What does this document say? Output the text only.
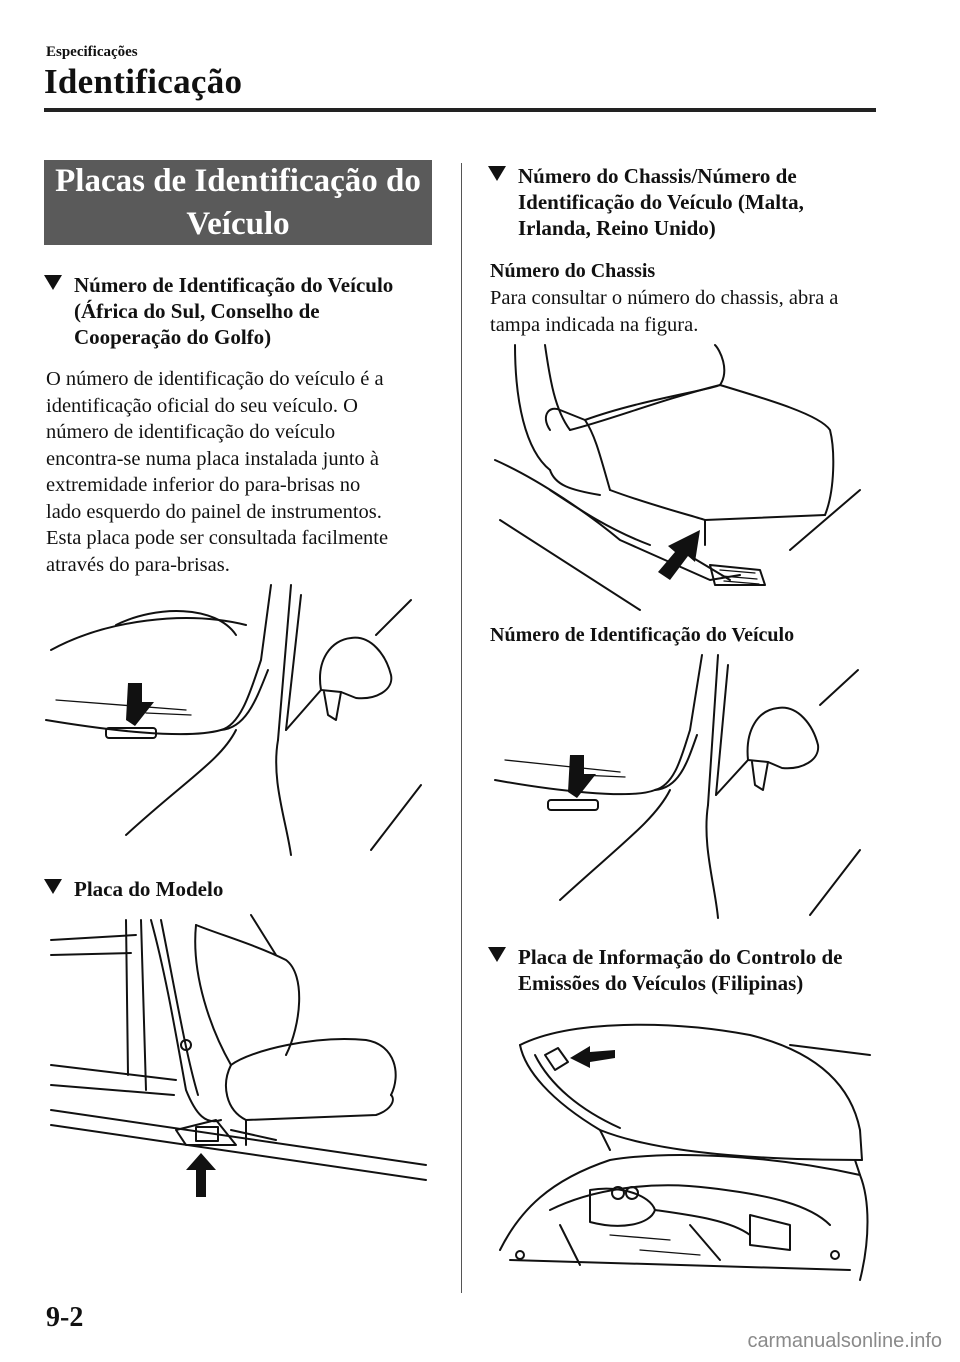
Especificações
Identificação
Placas de Identificação do
Veículo
Número de Identificação do Veículo
(África do Sul, Conselho de
Cooperação do Golfo)
O número de identificação do veículo é a
identificação oficial do seu veículo. O
número de identificação do veículo
encontra-se numa placa instalada junto à
extremidade inferior do para-brisas no
lado esquerdo do painel de instrumentos.
Esta placa pode ser consultada facilmente
através do para-brisas.
Placa do Modelo
Número do Chassis/Número de
Identificação do Veículo (Malta,
Irlanda, Reino Unido)
Número do Chassis
Para consultar o número do chassis, abra a
tampa indicada na figura.
Número de Identificação do Veículo
Placa de Informação do Controlo de
Emissões do Veículos (Filipinas)
9-2
carmanualsonline.info
